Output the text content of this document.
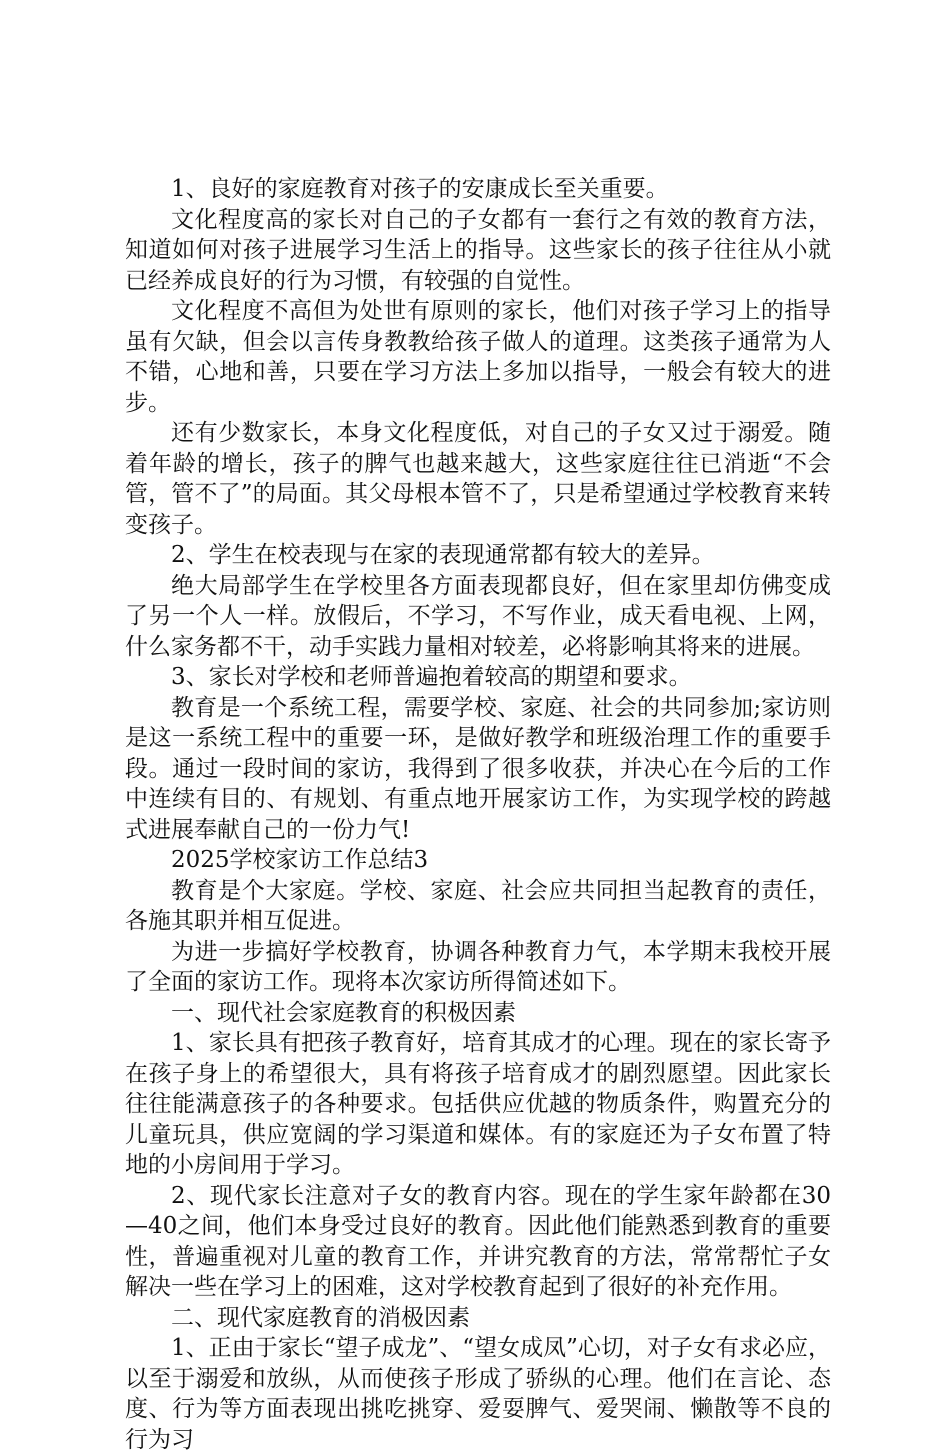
1、良好的家庭教育对孩子的安康成长至关重要。

文化程度高的家长对自己的子女都有一套行之有效的教育方法，知道如何对孩子进展学习生活上的指导。这些家长的孩子往往从小就已经养成良好的行为习惯，有较强的自觉性。

文化程度不高但为处世有原则的家长，他们对孩子学习上的指导虽有欠缺，但会以言传身教教给孩子做人的道理。这类孩子通常为人不错，心地和善，只要在学习方法上多加以指导，一般会有较大的进步。

还有少数家长，本身文化程度低，对自己的子女又过于溺爱。随着年龄的增长，孩子的脾气也越来越大，这些家庭往往已消逝“不会管，管不了”的局面。其父母根本管不了，只是希望通过学校教育来转变孩子。

2、学生在校表现与在家的表现通常都有较大的差异。

绝大局部学生在学校里各方面表现都良好，但在家里却仿佛变成了另一个人一样。放假后，不学习，不写作业，成天看电视、上网，什么家务都不干，动手实践力量相对较差，必将影响其将来的进展。

3、家长对学校和老师普遍抱着较高的期望和要求。

教育是一个系统工程，需要学校、家庭、社会的共同参加;家访则是这一系统工程中的重要一环，是做好教学和班级治理工作的重要手段。通过一段时间的家访，我得到了很多收获，并决心在今后的工作中连续有目的、有规划、有重点地开展家访工作，为实现学校的跨越式进展奉献自己的一份力气!

2025学校家访工作总结3

教育是个大家庭。学校、家庭、社会应共同担当起教育的责任，各施其职并相互促进。

为进一步搞好学校教育，协调各种教育力气，本学期末我校开展了全面的家访工作。现将本次家访所得简述如下。

一、现代社会家庭教育的积极因素

1、家长具有把孩子教育好，培育其成才的心理。现在的家长寄予在孩子身上的希望很大，具有将孩子培育成才的剧烈愿望。因此家长往往能满意孩子的各种要求。包括供应优越的物质条件，购置充分的儿童玩具，供应宽阔的学习渠道和媒体。有的家庭还为子女布置了特地的小房间用于学习。

2、现代家长注意对子女的教育内容。现在的学生家年龄都在30—40之间，他们本身受过良好的教育。因此他们能熟悉到教育的重要性，普遍重视对儿童的教育工作，并讲究教育的方法，常常帮忙子女解决一些在学习上的困难，这对学校教育起到了很好的补充作用。

二、现代家庭教育的消极因素

1、正由于家长“望子成龙”、“望女成凤”心切，对子女有求必应，以至于溺爱和放纵，从而使孩子形成了骄纵的心理。他们在言论、态度、行为等方面表现出挑吃挑穿、爱耍脾气、爱哭闹、懒散等不良的行为习
